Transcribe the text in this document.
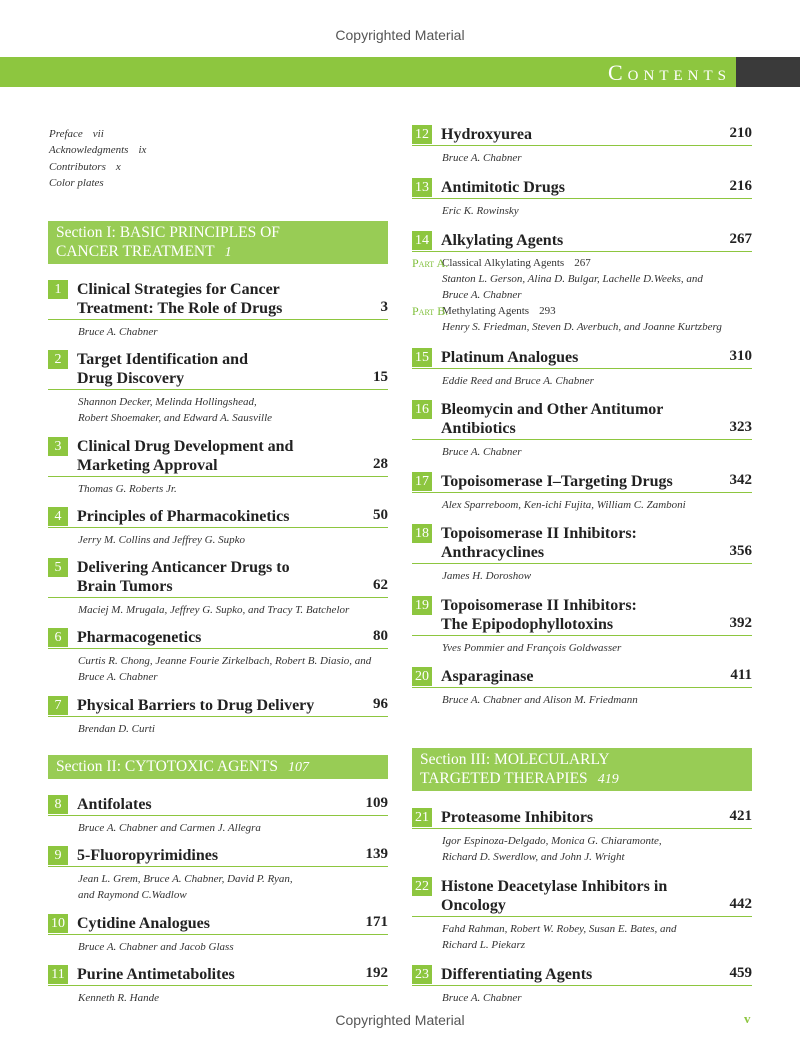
Copyrighted Material
Contents
Preface vii
Acknowledgments ix
Contributors x
Color plates
Section I: BASIC PRINCIPLES OF
CANCER TREATMENT 1
1 Clinical Strategies for Cancer
Treatment: The Role of Drugs	3
Bruce A. Chabner
2 Target Identification and
Drug Discovery	15
Shannon Decker, Melinda Hollingshead,
Robert Shoemaker, and Edward A. Sausville
3 Clinical Drug Development and
Marketing Approval	28
Thomas G. Roberts Jr.
4 Principles of Pharmacokinetics	50
Jerry M. Collins and Jeffrey G. Supko
5 Delivering Anticancer Drugs to
Brain Tumors	62
Maciej M. Mrugala, Jeffrey G. Supko, and Tracy T. Batchelor
6 Pharmacogenetics	80
Curtis R. Chong, Jeanne Fourie Zirkelbach, Robert B. Diasio, and
Bruce A. Chabner
7 Physical Barriers to Drug Delivery	96
Brendan D. Curti
Section II: CYTOTOXIC AGENTS 107
8 Antifolates	109
Bruce A. Chabner and Carmen J. Allegra
9 5-Fluoropyrimidines	139
Jean L. Grem, Bruce A. Chabner, David P. Ryan,
and Raymond C.Wadlow
10 Cytidine Analogues	171
Bruce A. Chabner and Jacob Glass
11 Purine Antimetabolites	192
Kenneth R. Hande
12 Hydroxyurea	210
Bruce A. Chabner
13 Antimitotic Drugs	216
Eric K. Rowinsky
14 Alkylating Agents	267
Part A.
Classical Alkylating Agents 267
Stanton L. Gerson, Alina D. Bulgar, Lachelle D.Weeks, and
Bruce A. Chabner
Part B.
Methylating Agents 293
Henry S. Friedman, Steven D. Averbuch, and Joanne Kurtzberg
15 Platinum Analogues	310
Eddie Reed and Bruce A. Chabner
16 Bleomycin and Other Antitumor
Antibiotics	323
Bruce A. Chabner
17 Topoisomerase I–Targeting Drugs	342
Alex Sparreboom, Ken-ichi Fujita, William C. Zamboni
18 Topoisomerase II Inhibitors:
Anthracyclines	356
James H. Doroshow
19 Topoisomerase II Inhibitors:
The Epipodophyllotoxins	392
Yves Pommier and François Goldwasser
20 Asparaginase	411
Bruce A. Chabner and Alison M. Friedmann
Section III: MOLECULARLY
TARGETED THERAPIES 419
21 Proteasome Inhibitors	421
Igor Espinoza-Delgado, Monica G. Chiaramonte,
Richard D. Swerdlow, and John J. Wright
22 Histone Deacetylase Inhibitors in
Oncology	442
Fahd Rahman, Robert W. Robey, Susan E. Bates, and
Richard L. Piekarz
23 Differentiating Agents	459
Bruce A. Chabner
Copyrighted Material	v
